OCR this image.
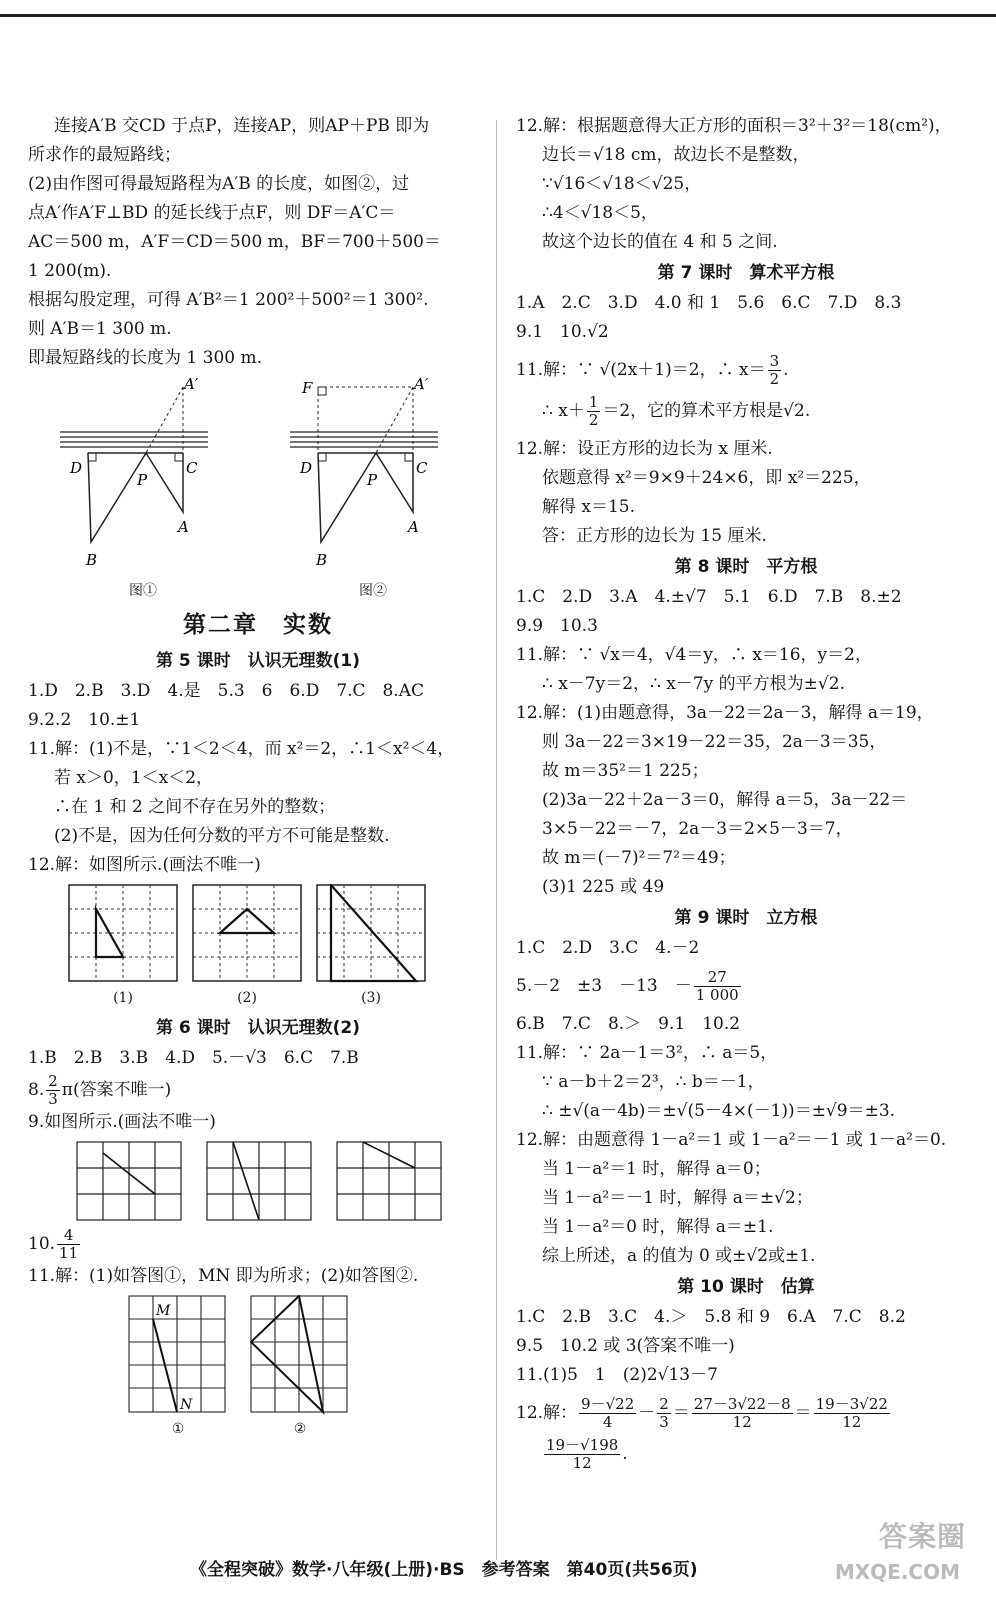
连接A′B 交CD 于点P，连接AP，则AP＋PB 即为
所求作的最短路线；
(2)由作图可得最短路程为A′B 的长度，如图②，过
点A′作A′F⊥BD 的延长线于点F，则 DF＝A′C＝
AC＝500 m，A′F＝CD＝500 m，BF＝700＋500＝
1 200(m).
根据勾股定理，可得 A′B²＝1 200²＋500²＝1 300².
则 A′B＝1 300 m.
即最短路线的长度为 1 300 m.
A′
D
P
C
A
B
图①
F	A′
D
P
C
A
B
图②
第二章　实数
第 5 课时　认识无理数(1)
1.D　2.B　3.D　4.是　5.3　6　6.D　7.C　8.AC
9.2.2　10.±1
11.解：(1)不是，∵1＜2＜4，而 x²＝2，∴1＜x²＜4，
若 x＞0，1＜x＜2，
∴在 1 和 2 之间不存在另外的整数；
(2)不是，因为任何分数的平方不可能是整数.
12.解：如图所示.(画法不唯一)
(1)	(2)	(3)
第 6 课时　认识无理数(2)
1.B　2.B　3.B　4.D　5.－√3　6.C　7.B
8. $\frac{2}{3} \pi$(答案不唯一)
9.如图所示.(画法不唯一)
10. $\frac{4}{11}$
11.解：(1)如答图①，MN 即为所求；(2)如答图②.
M
N
①	②
12.解：根据题意得大正方形的面积＝3²＋3²＝18(cm²)，
边长＝√18 cm，故边长不是整数，
∵√16＜√18＜√25，
∴4＜√18＜5，
故这个边长的值在 4 和 5 之间.
第 7 课时　算术平方根
1.A　2.C　3.D　4.0 和 1　5.6　6.C　7.D　8.3
9.1　10.√2
11.解：∵ √(2x＋1)＝2，∴ $x= \frac{3}{2}$ .
∴ $x+ \frac{1}{2} =2$，它的算术平方根是√2.
12.解：设正方形的边长为 x 厘米.
依题意得 x²＝9×9＋24×6，即 x²＝225，
解得 x＝15.
答：正方形的边长为 15 厘米.
第 8 课时　平方根
1.C　2.D　3.A　4.±√7　5.1　6.D　7.B　8.±2
9.9　10.3
11.解：∵ √x＝4，√4＝y，∴ x＝16，y＝2，
∴ x－7y＝2，∴ x－7y 的平方根为±√2.
12.解：(1)由题意得，3a－22＝2a－3，解得 a＝19，
则 3a－22＝3×19－22＝35，2a－3＝35，
故 m＝35²＝1 225；
(2)3a－22＋2a－3＝0，解得 a＝5，3a－22＝
3×5－22＝－7，2a－3＝2×5－3＝7，
故 m＝(－7)²＝7²＝49；
(3)1 225 或 49
第 9 课时　立方根
1.C　2.D　3.C　4.－2
5.－2　±3　－13　－ $\frac{27}{1 000}$
6.B　7.C　8.＞　9.1　10.2
11.解：∵ 2a－1＝3²，∴ a＝5，
∵ a－b＋2＝2³，∴ b＝－1，
∴ ±√(a－4b)＝±√(5－4×(－1))＝±√9＝±3.
12.解：由题意得 1－a²＝1 或 1－a²＝－1 或 1－a²＝0.
当 1－a²＝1 时，解得 a＝0；
当 1－a²＝－1 时，解得 a＝±√2；
当 1－a²＝0 时，解得 a＝±1.
综上所述，a 的值为 0 或±√2或±1.
第 10 课时　估算
1.C　2.B　3.C　4.＞　5.8 和 9　6.A　7.C　8.2
9.5　10.2 或 3(答案不唯一)
11.(1)5　1　(2)2√13－7
12.解： $\frac{9-√22}{4} - \frac{2}{3} = \frac{27-3√22-8}{12} = \frac{19-3√22}{12}$
$\frac{19-√198}{12}$ .
《全程突破》数学·八年级(上册)·BS　参考答案　第40页(共56页)
答案圈
MXQE.COM
